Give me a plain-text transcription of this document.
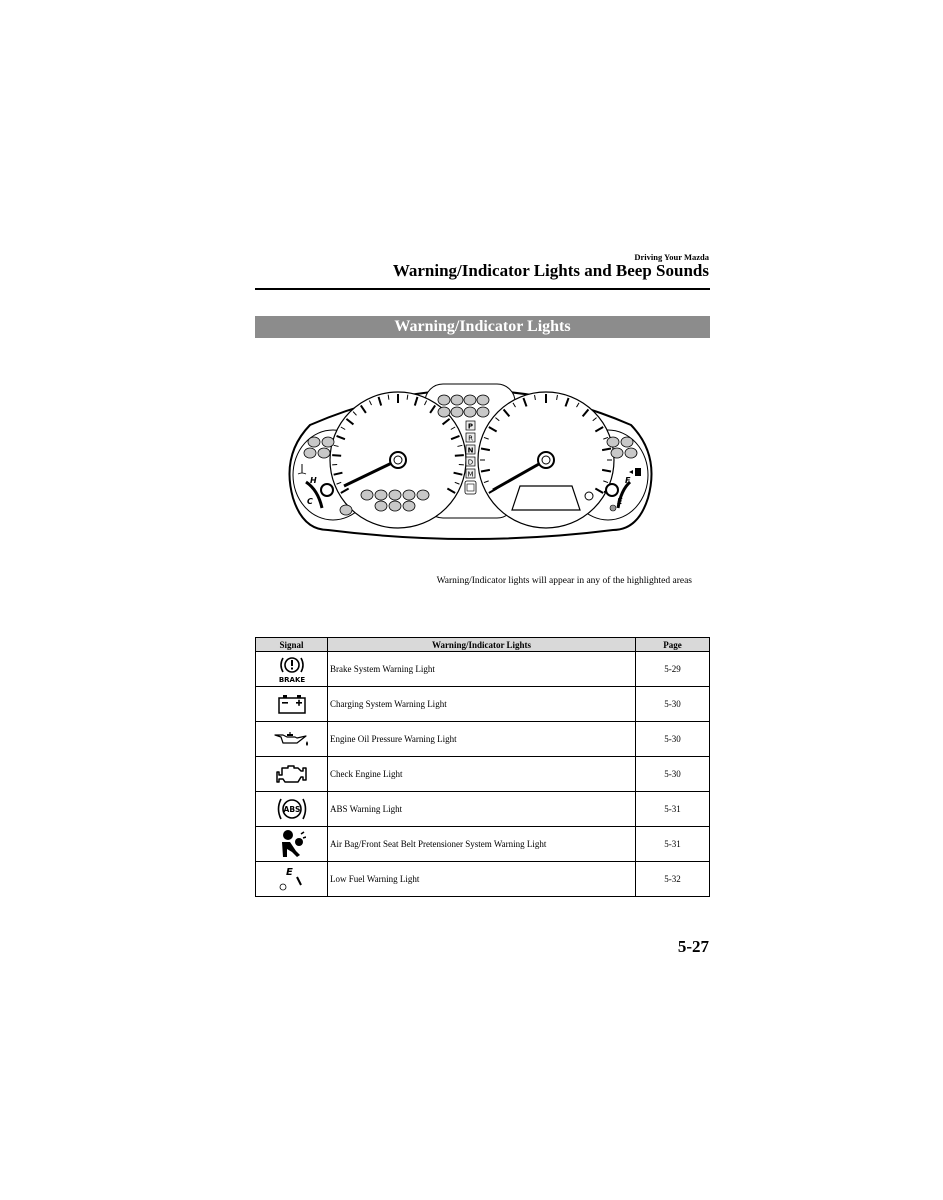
Driving Your Mazda
Warning/Indicator Lights and Beep Sounds
Warning/Indicator Lights
P
R
N
D
M
H
C
F
E
Warning/Indicator lights will appear in any of the highlighted areas
Signal	Warning/Indicator Lights	Page

BRAKE	Brake System Warning Light	5-29

	Charging System Warning Light	5-30

	Engine Oil Pressure Warning Light	5-30

	Check Engine Light	5-30

ABS	ABS Warning Light	5-31

	Air Bag/Front Seat Belt Pretensioner System Warning Light	5-31

E	Low Fuel Warning Light	5-32
5-27
